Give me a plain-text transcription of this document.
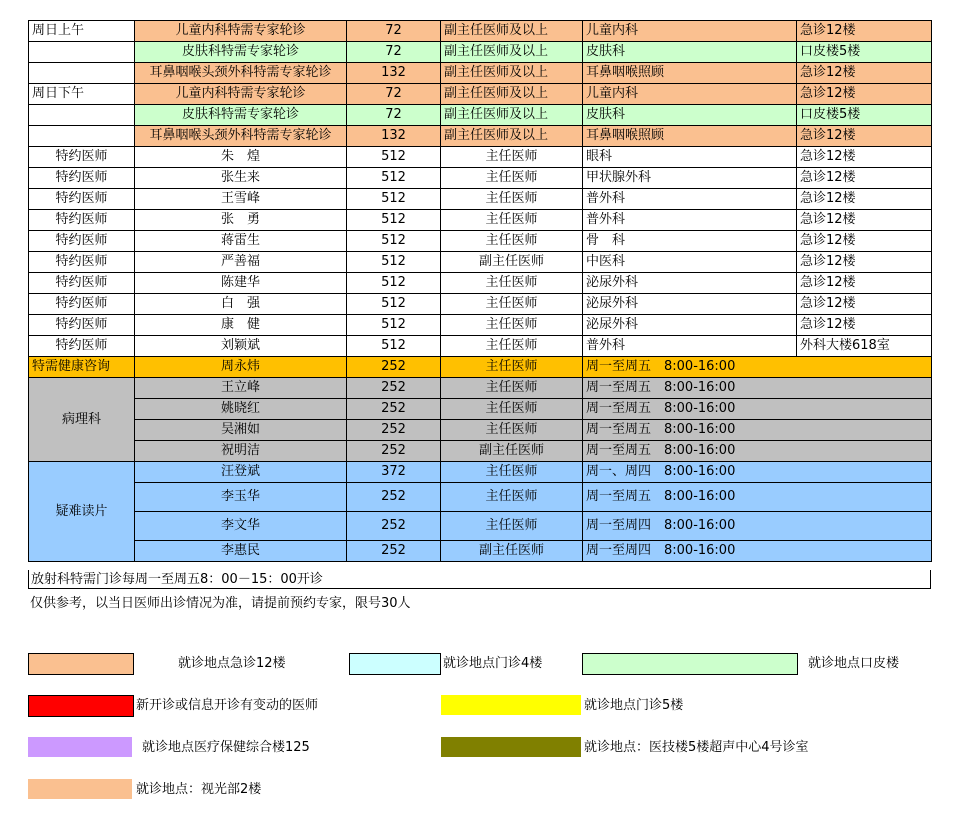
周日上午	儿童内科特需专家轮诊	72	副主任医师及以上	儿童内科	急诊12楼
	皮肤科特需专家轮诊	72	副主任医师及以上	皮肤科	口皮楼5楼
	耳鼻咽喉头颈外科特需专家轮诊	132	副主任医师及以上	耳鼻咽喉照顾	急诊12楼
周日下午	儿童内科特需专家轮诊	72	副主任医师及以上	儿童内科	急诊12楼
	皮肤科特需专家轮诊	72	副主任医师及以上	皮肤科	口皮楼5楼
	耳鼻咽喉头颈外科特需专家轮诊	132	副主任医师及以上	耳鼻咽喉照顾	急诊12楼
特约医师	朱　煌	512	主任医师	眼科	急诊12楼
特约医师	张生来	512	主任医师	甲状腺外科	急诊12楼
特约医师	王雪峰	512	主任医师	普外科	急诊12楼
特约医师	张　勇	512	主任医师	普外科	急诊12楼
特约医师	蒋雷生	512	主任医师	骨　科	急诊12楼
特约医师	严善福	512	副主任医师	中医科	急诊12楼
特约医师	陈建华	512	主任医师	泌尿外科	急诊12楼
特约医师	白　强	512	主任医师	泌尿外科	急诊12楼
特约医师	康　健	512	主任医师	泌尿外科	急诊12楼
特约医师	刘颖斌	512	主任医师	普外科	外科大楼618室
特需健康咨询	周永炜	252	主任医师	周一至周五　8:00-16:00	
病理科	王立峰	252	主任医师	周一至周五　8:00-16:00	
	姚晓红	252	主任医师	周一至周五　8:00-16:00	
	吴湘如	252	主任医师	周一至周五　8:00-16:00	
	祝明洁	252	副主任医师	周一至周五　8:00-16:00	
疑难读片	汪登斌	372	主任医师	周一、周四　8:00-16:00	
	李玉华	252	主任医师	周一至周五　8:00-16:00	
	李文华	252	主任医师	周一至周四　8:00-16:00	
	李惠民	252	副主任医师	周一至周四　8:00-16:00	
放射科特需门诊每周一至周五8：00－15：00开诊
仅供参考，以当日医师出诊情况为准，请提前预约专家，限号30人
就诊地点急诊12楼	就诊地点门诊4楼	就诊地点口皮楼
新开诊或信息开诊有变动的医师	就诊地点门诊5楼
就诊地点医疗保健综合楼125	就诊地点：医技楼5楼超声中心4号诊室
就诊地点：视光部2楼
